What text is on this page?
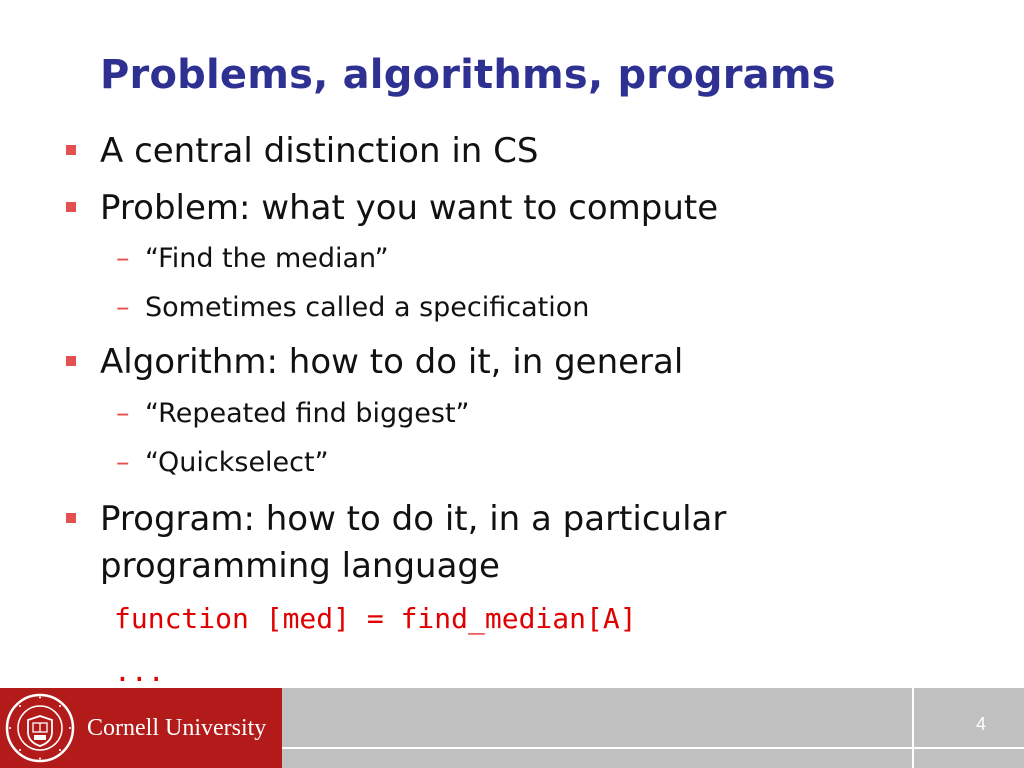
Problems, algorithms, programs
A central distinction in CS
Problem: what you want to compute
– “Find the median”
– Sometimes called a specification
Algorithm: how to do it, in general
– “Repeated find biggest”
– “Quickselect”
Program: how to do it, in a particular
programming language
function [med] = find_median[A]
...
Cornell University	4
